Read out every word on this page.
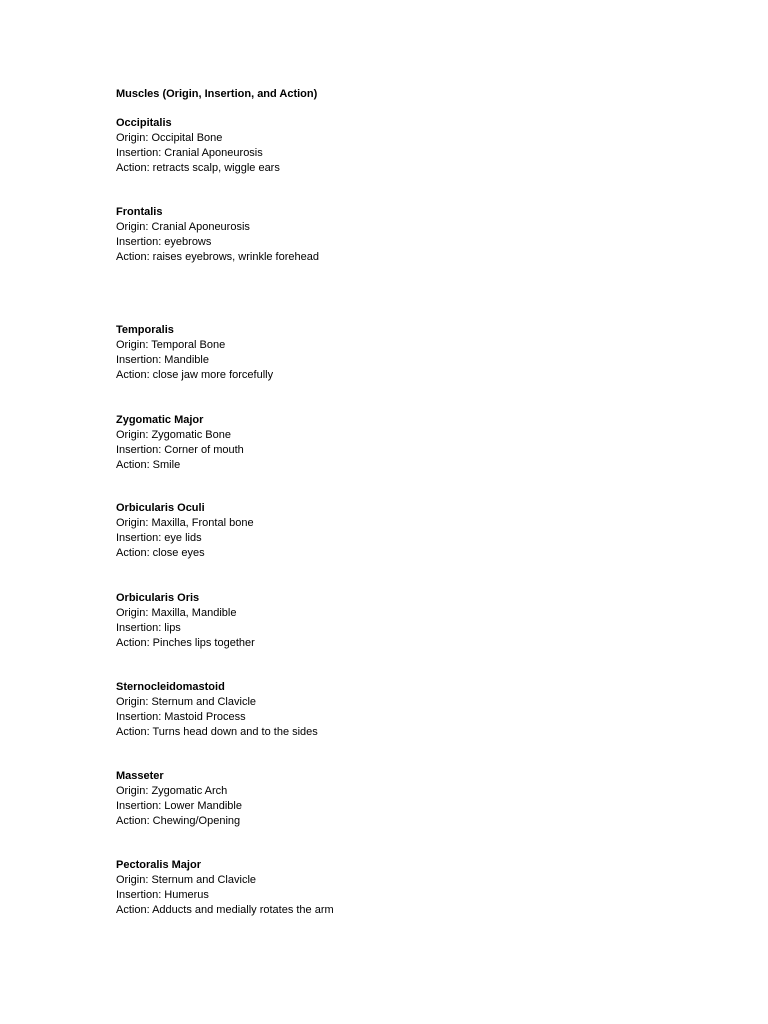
Muscles (Origin, Insertion, and Action)
Occipitalis
Origin: Occipital Bone
Insertion: Cranial Aponeurosis
Action: retracts scalp, wiggle ears
Frontalis
Origin: Cranial Aponeurosis
Insertion: eyebrows
Action: raises eyebrows, wrinkle forehead
Temporalis
Origin: Temporal Bone
Insertion: Mandible
Action: close jaw more forcefully
Zygomatic Major
Origin: Zygomatic Bone
Insertion: Corner of mouth
Action: Smile
Orbicularis Oculi
Origin: Maxilla, Frontal bone
Insertion: eye lids
Action: close eyes
Orbicularis Oris
Origin: Maxilla, Mandible
Insertion: lips
Action: Pinches lips together
Sternocleidomastoid
Origin: Sternum and Clavicle
Insertion: Mastoid Process
Action: Turns head down and to the sides
Masseter
Origin: Zygomatic Arch
Insertion: Lower Mandible
Action: Chewing/Opening
Pectoralis Major
Origin: Sternum and Clavicle
Insertion: Humerus
Action: Adducts and medially rotates the arm
